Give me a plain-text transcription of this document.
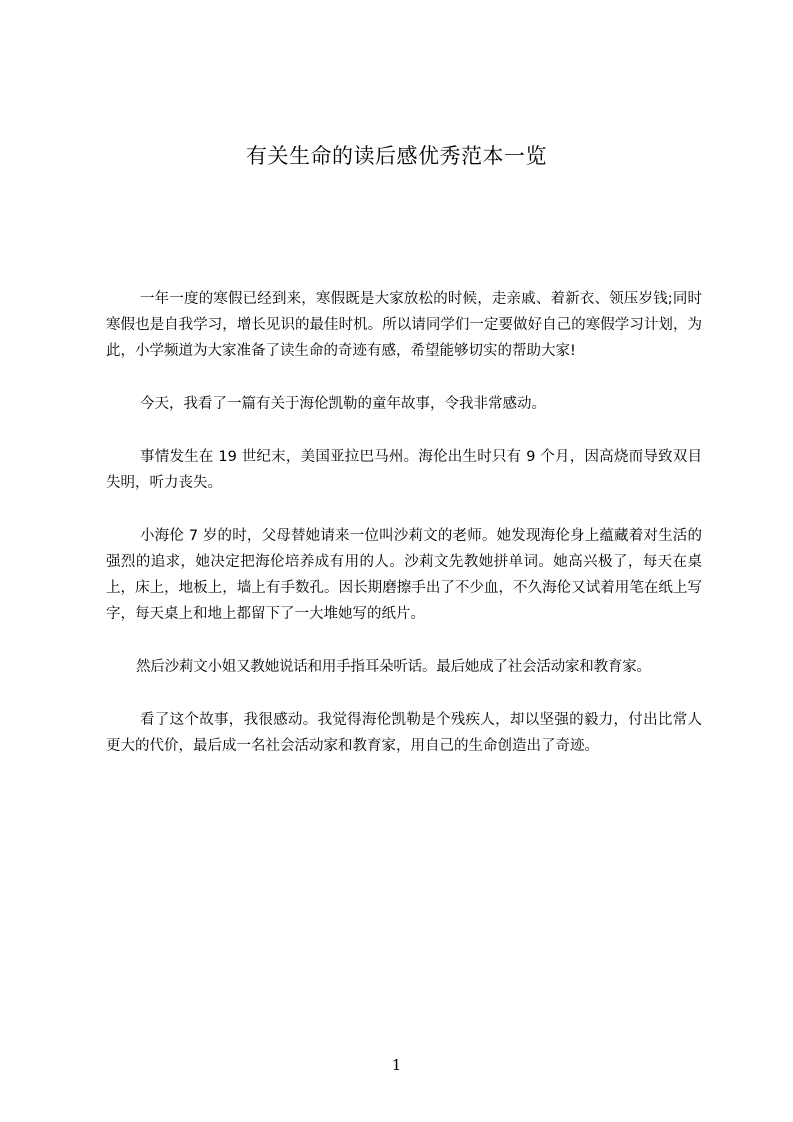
有关生命的读后感优秀范本一览

一年一度的寒假已经到来，寒假既是大家放松的时候，走亲戚、着新衣、领压岁钱;同时寒假也是自我学习，增长见识的最佳时机。所以请同学们一定要做好自己的寒假学习计划，为此，小学频道为大家准备了读生命的奇迹有感，希望能够切实的帮助大家!

今天，我看了一篇有关于海伦凯勒的童年故事，令我非常感动。

事情发生在 19 世纪末，美国亚拉巴马州。海伦出生时只有 9 个月，因高烧而导致双目失明，听力丧失。

小海伦 7 岁的时，父母替她请来一位叫沙莉文的老师。她发现海伦身上蕴藏着对生活的强烈的追求，她决定把海伦培养成有用的人。沙莉文先教她拼单词。她高兴极了，每天在桌上，床上，地板上，墙上有手数孔。因长期磨擦手出了不少血，不久海伦又试着用笔在纸上写字，每天桌上和地上都留下了一大堆她写的纸片。

然后沙莉文小姐又教她说话和用手指耳朵听话。最后她成了社会活动家和教育家。

看了这个故事，我很感动。我觉得海伦凯勒是个残疾人，却以坚强的毅力，付出比常人更大的代价，最后成一名社会活动家和教育家，用自己的生命创造出了奇迹。

1
